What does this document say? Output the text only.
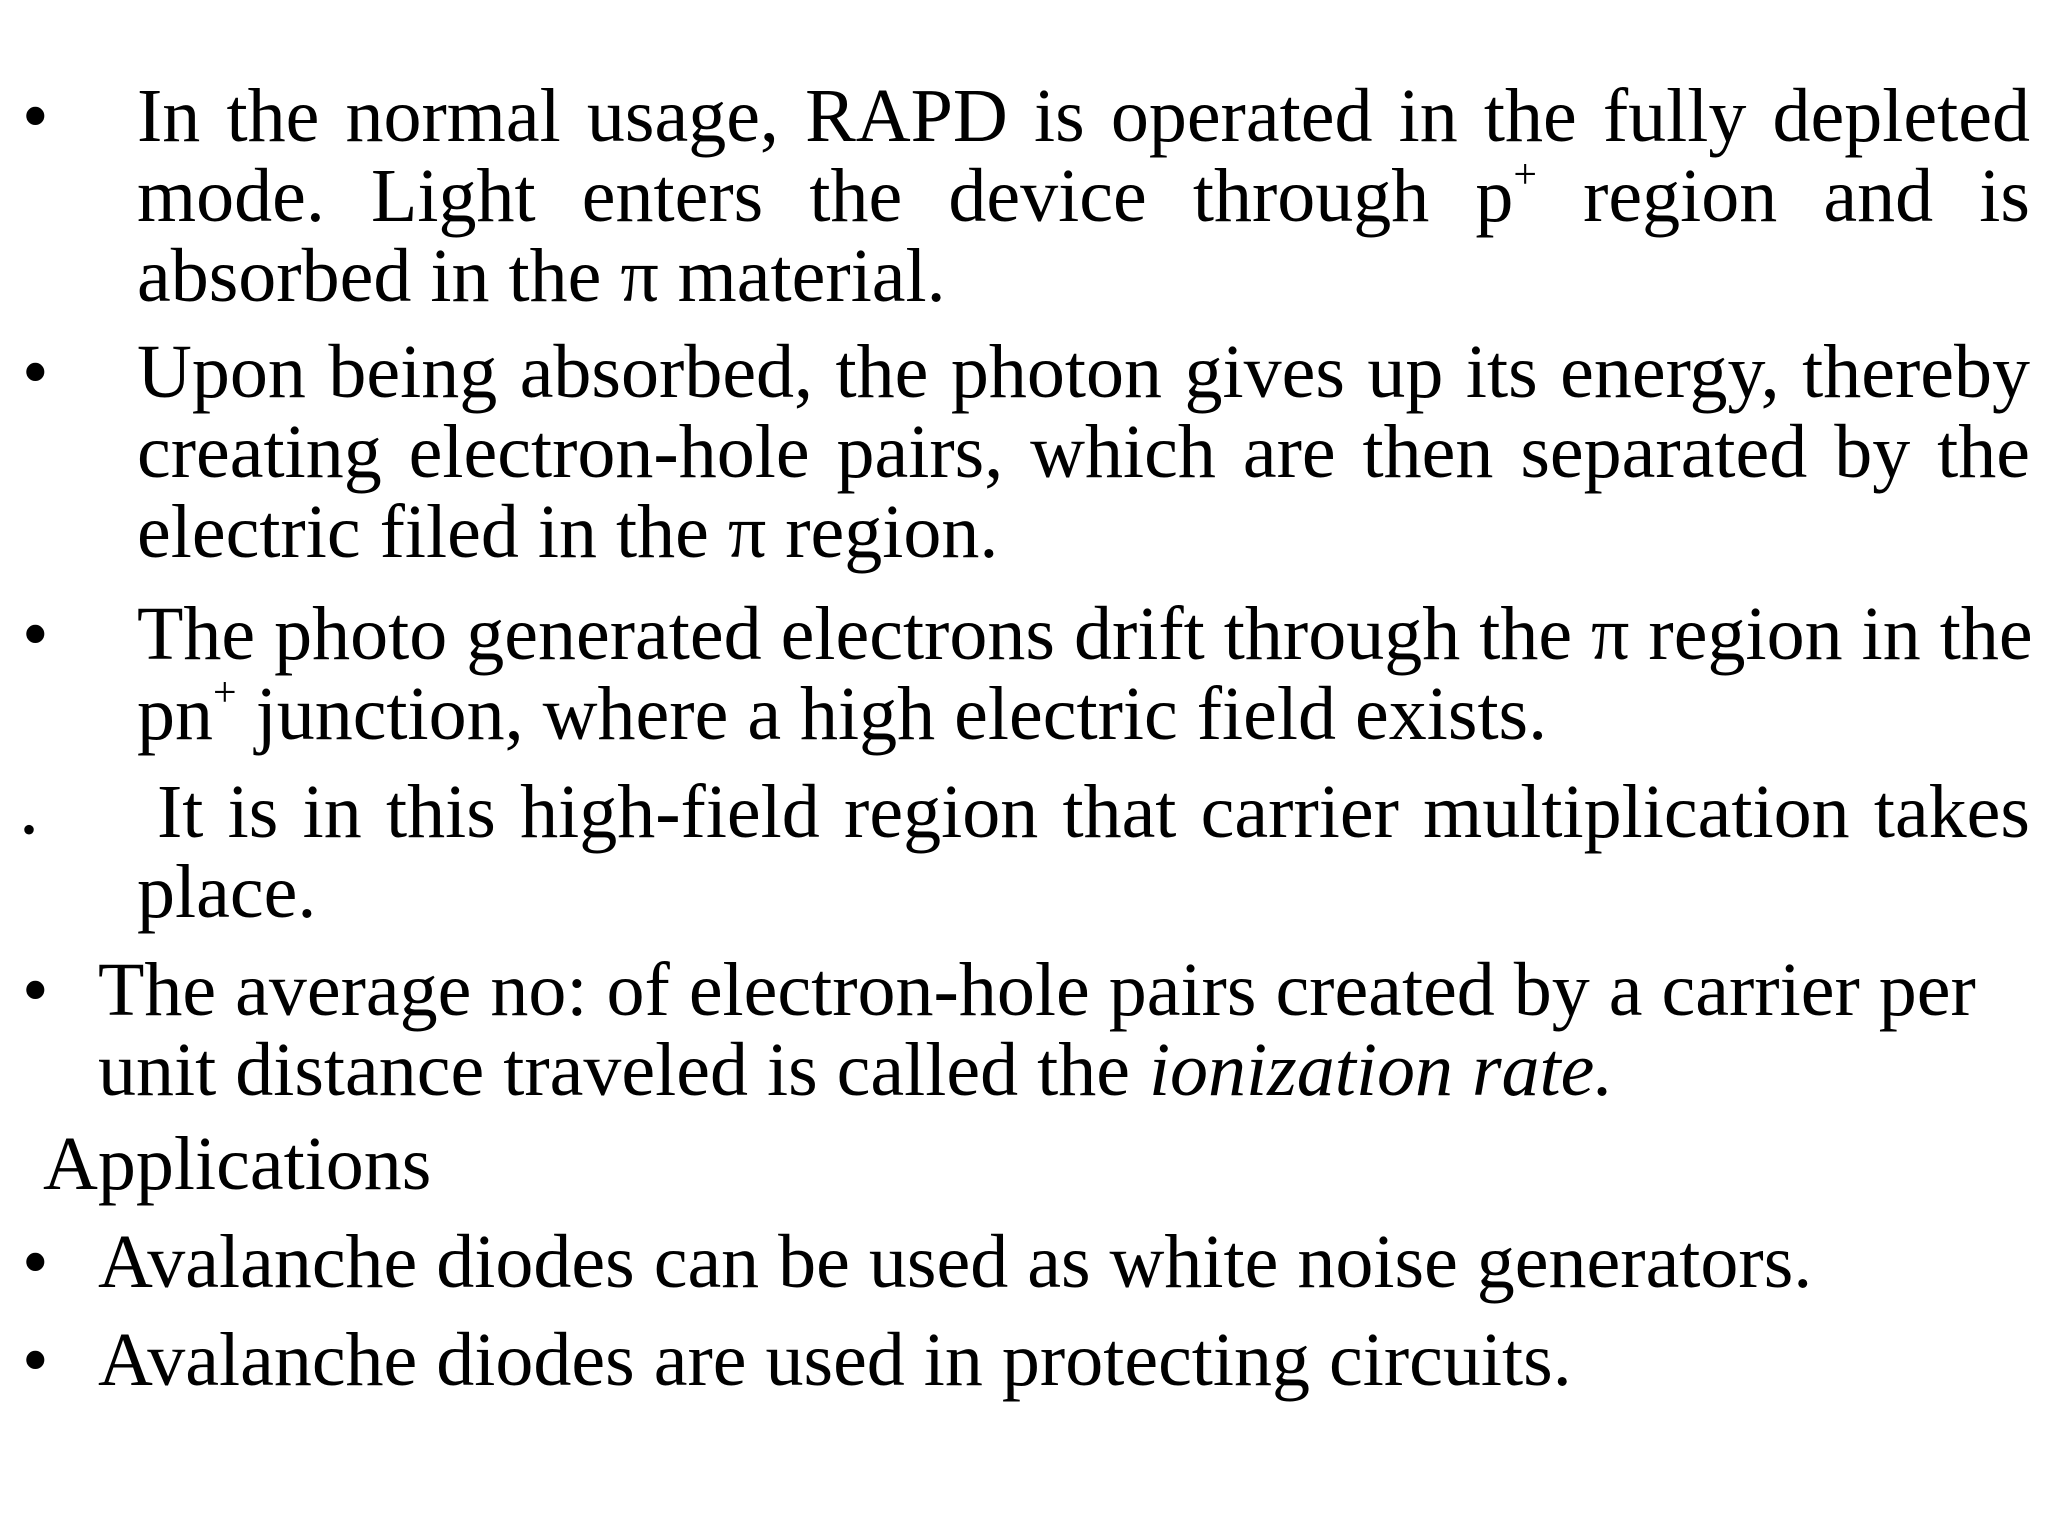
• In the normal usage, RAPD is operated in the fully depleted
mode. Light enters the device through p+ region and is
absorbed in the π material.
• Upon being absorbed, the photon gives up its energy, thereby
creating electron-hole pairs, which are then separated by the
electric filed in the π region.
• The photo generated electrons drift through the π region in the
pn+ junction, where a high electric field exists.
• It is in this high-field region that carrier multiplication takes
place.
• The average no: of electron-hole pairs created by a carrier per
unit distance traveled is called the ionization rate.
Applications
• Avalanche diodes can be used as white noise generators.
• Avalanche diodes are used in protecting circuits.
